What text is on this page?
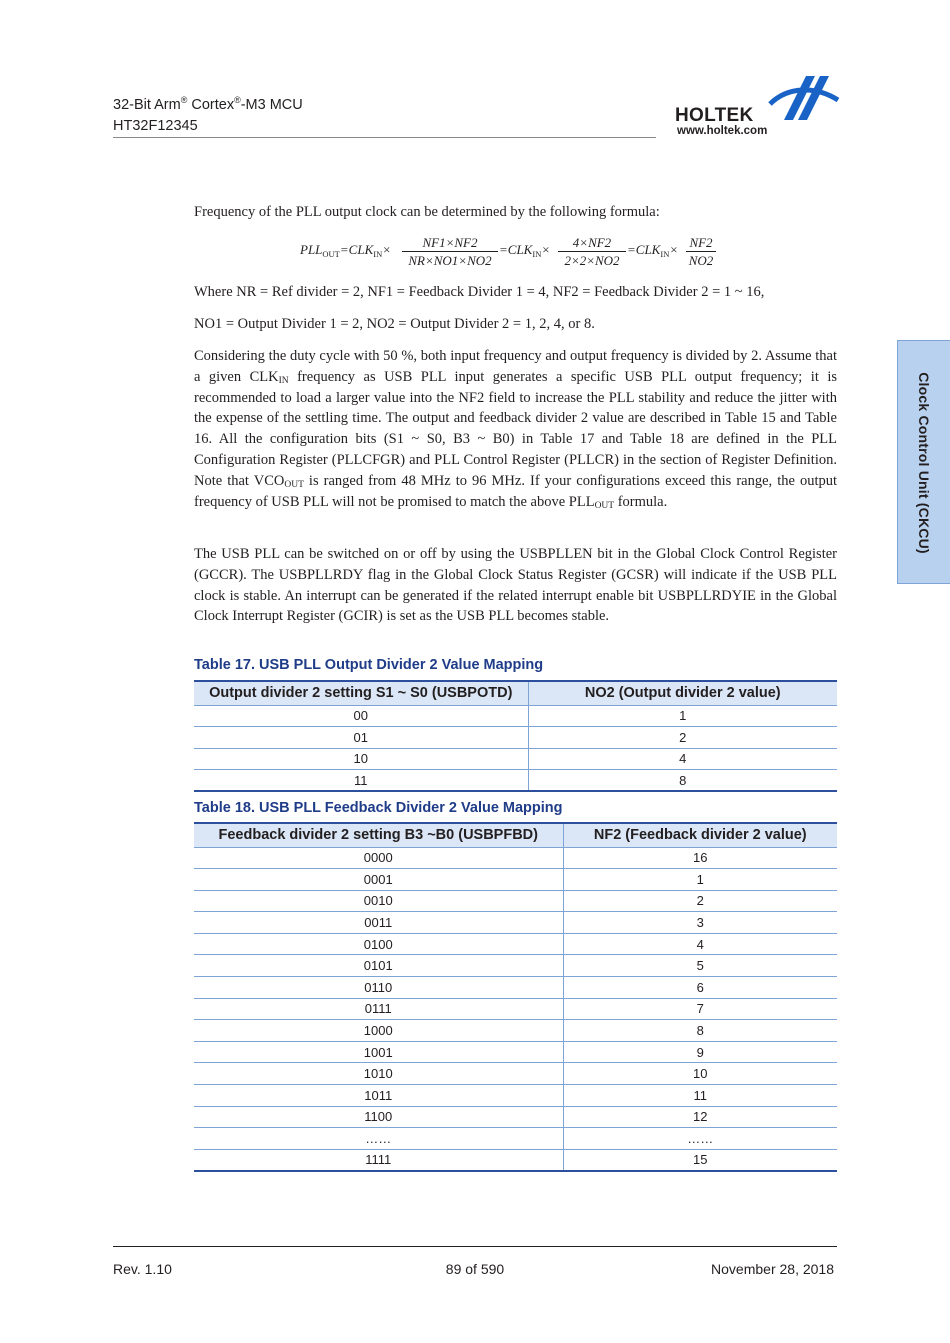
32-Bit Arm® Cortex®-M3 MCU
HT32F12345	HOLTEK
www.holtek.com
Clock Control Unit (CKCU)
Frequency of the PLL output clock can be determined by the following formula:
$PLL_{OUT}=CLK_{IN}\times \frac{NF1\times NF2}{NR\times NO1\times NO2} =CLK_{IN}\times \frac{4\times NF2}{2\times 2\times NO2} =CLK_{IN}\times \frac{NF2}{NO2}$
Where NR = Ref divider = 2, NF1 = Feedback Divider 1 = 4, NF2 = Feedback Divider 2 = 1 ~ 16,
NO1 = Output Divider 1 = 2, NO2 = Output Divider 2 = 1, 2, 4, or 8.
Considering the duty cycle with 50 %, both input frequency and output frequency is divided by 2. Assume that a given $CLK_{IN}$ frequency as USB PLL input generates a specific USB PLL output frequency; it is recommended to load a larger value into the NF2 field to increase the PLL stability and reduce the jitter with the expense of the settling time. The output and feedback divider 2 value are described in Table 15 and Table 16. All the configuration bits (S1 ~ S0, B3 ~ B0) in Table 17 and Table 18 are defined in the PLL Configuration Register (PLLCFGR) and PLL Control Register (PLLCR) in the section of Register Definition. Note that $VCO_{OUT}$ is ranged from 48 MHz to 96 MHz. If your configurations exceed this range, the output frequency of USB PLL will not be promised to match the above $PLL_{OUT}$ formula.
The USB PLL can be switched on or off by using the USBPLLEN bit in the Global Clock Control Register (GCCR). The USBPLLRDY flag in the Global Clock Status Register (GCSR) will indicate if the USB PLL clock is stable. An interrupt can be generated if the related interrupt enable bit USBPLLRDYIE in the Global Clock Interrupt Register (GCIR) is set as the USB PLL becomes stable.
Table 17. USB PLL Output Divider 2 Value Mapping
Output divider 2 setting S1 ~ S0 (USBPOTD)	NO2 (Output divider 2 value)
00	1
01	2
10	4
11	8
Table 18. USB PLL Feedback Divider 2 Value Mapping
Feedback divider 2 setting B3 ~B0 (USBPFBD)	NF2 (Feedback divider 2 value)
0000	16
0001	1
0010	2
0011	3
0100	4
0101	5
0110	6
0111	7
1000	8
1001	9
1010	10
1011	11
1100	12
……	……
1111	15
Rev. 1.10	89 of 590	November 28, 2018
